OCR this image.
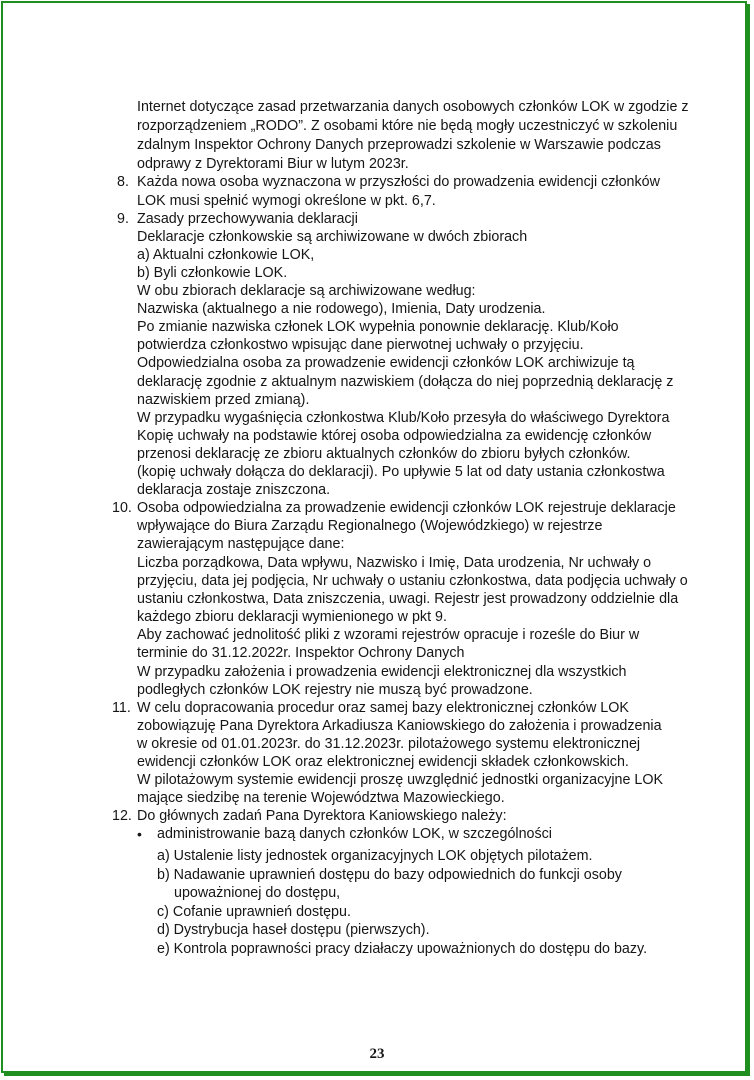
Internet dotyczące zasad przetwarzania danych osobowych członków LOK w zgodzie z
rozporządzeniem „RODO”. Z osobami które nie będą mogły uczestniczyć w szkoleniu
zdalnym Inspektor Ochrony Danych przeprowadzi szkolenie w Warszawie podczas
odprawy z Dyrektorami Biur w lutym 2023r.
8. Każda nowa osoba wyznaczona w przyszłości do prowadzenia ewidencji członków
LOK musi spełnić wymogi określone w pkt. 6,7.
9. Zasady przechowywania deklaracji
Deklaracje członkowskie są archiwizowane w dwóch zbiorach
a) Aktualni członkowie LOK,
b) Byli członkowie LOK.
W obu zbiorach deklaracje są archiwizowane według:
Nazwiska (aktualnego a nie rodowego), Imienia, Daty urodzenia.
Po zmianie nazwiska członek LOK wypełnia ponownie deklarację. Klub/Koło
potwierdza członkostwo wpisując dane pierwotnej uchwały o przyjęciu.
Odpowiedzialna osoba za prowadzenie ewidencji członków LOK archiwizuje tą
deklarację zgodnie z aktualnym nazwiskiem (dołącza do niej poprzednią deklarację z
nazwiskiem przed zmianą).
W przypadku wygaśnięcia członkostwa Klub/Koło przesyła do właściwego Dyrektora
Kopię uchwały na podstawie której osoba odpowiedzialna za ewidencję członków
przenosi deklarację ze zbioru aktualnych członków do zbioru byłych członków.
(kopię uchwały dołącza do deklaracji). Po upływie 5 lat od daty ustania członkostwa
deklaracja zostaje zniszczona.
10. Osoba odpowiedzialna za prowadzenie ewidencji członków LOK rejestruje deklaracje
wpływające do Biura Zarządu Regionalnego (Wojewódzkiego) w rejestrze
zawierającym następujące dane:
Liczba porządkowa, Data wpływu, Nazwisko i Imię, Data urodzenia, Nr uchwały o
przyjęciu, data jej podjęcia, Nr uchwały o ustaniu członkostwa, data podjęcia uchwały o
ustaniu członkostwa, Data zniszczenia, uwagi. Rejestr jest prowadzony oddzielnie dla
każdego zbioru deklaracji wymienionego w pkt 9.
Aby zachować jednolitość pliki z wzorami rejestrów opracuje i roześle do Biur w
terminie do 31.12.2022r. Inspektor Ochrony Danych
W przypadku założenia i prowadzenia ewidencji elektronicznej dla wszystkich
podległych członków LOK rejestry nie muszą być prowadzone.
11. W celu dopracowania procedur oraz samej bazy elektronicznej członków LOK
zobowiązuję Pana Dyrektora Arkadiusza Kaniowskiego do założenia i prowadzenia
w okresie od 01.01.2023r. do 31.12.2023r. pilotażowego systemu elektronicznej
ewidencji członków LOK oraz elektronicznej ewidencji składek członkowskich.
W pilotażowym systemie ewidencji proszę uwzględnić jednostki organizacyjne LOK
mające siedzibę na terenie Województwa Mazowieckiego.
12. Do głównych zadań Pana Dyrektora Kaniowskiego należy:
• administrowanie bazą danych członków LOK, w szczególności
a) Ustalenie listy jednostek organizacyjnych LOK objętych pilotażem.
b) Nadawanie uprawnień dostępu do bazy odpowiednich do funkcji osoby
upoważnionej do dostępu,
c) Cofanie uprawnień dostępu.
d) Dystrybucja haseł dostępu (pierwszych).
e) Kontrola poprawności pracy działaczy upoważnionych do dostępu do bazy.
23
